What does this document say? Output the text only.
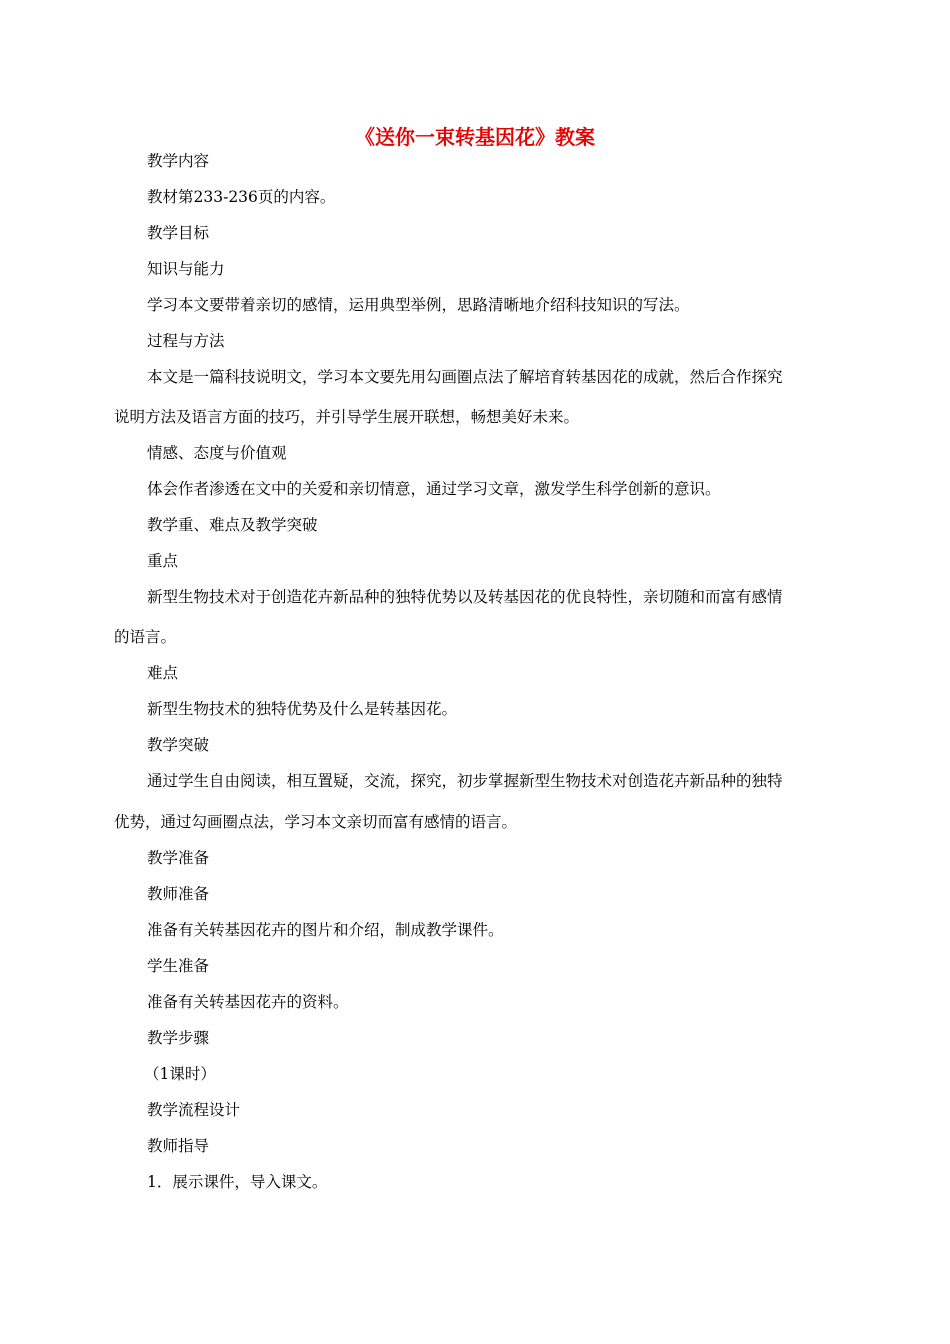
《送你一束转基因花》教案
教学内容
教材第233-236页的内容。
教学目标
知识与能力
学习本文要带着亲切的感情，运用典型举例，思路清晰地介绍科技知识的写法。
过程与方法
本文是一篇科技说明文，学习本文要先用勾画圈点法了解培育转基因花的成就，然后合作探究
说明方法及语言方面的技巧，并引导学生展开联想，畅想美好未来。
情感、态度与价值观
体会作者渗透在文中的关爱和亲切情意，通过学习文章，激发学生科学创新的意识。
教学重、难点及教学突破
重点
新型生物技术对于创造花卉新品种的独特优势以及转基因花的优良特性，亲切随和而富有感情
的语言。
难点
新型生物技术的独特优势及什么是转基因花。
教学突破
通过学生自由阅读，相互置疑，交流，探究，初步掌握新型生物技术对创造花卉新品种的独特
优势，通过勾画圈点法，学习本文亲切而富有感情的语言。
教学准备
教师准备
准备有关转基因花卉的图片和介绍，制成教学课件。
学生准备
准备有关转基因花卉的资料。
教学步骤
（1课时）
教学流程设计
教师指导
1．展示课件，导入课文。
